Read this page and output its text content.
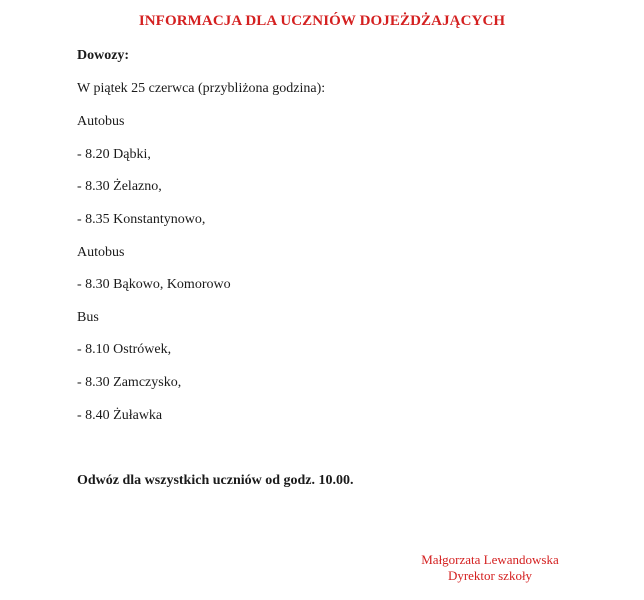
INFORMACJA DLA UCZNIÓW DOJEŻDŻAJĄCYCH
Dowozy:
W piątek 25 czerwca (przybliżona godzina):
Autobus
- 8.20 Dąbki,
- 8.30 Żelazno,
- 8.35 Konstantynowo,
Autobus
- 8.30 Bąkowo, Komorowo
Bus
- 8.10 Ostrówek,
- 8.30 Zamczysko,
- 8.40 Żuławka
Odwóz dla wszystkich uczniów od godz. 10.00.
Małgorzata Lewandowska
Dyrektor szkoły
